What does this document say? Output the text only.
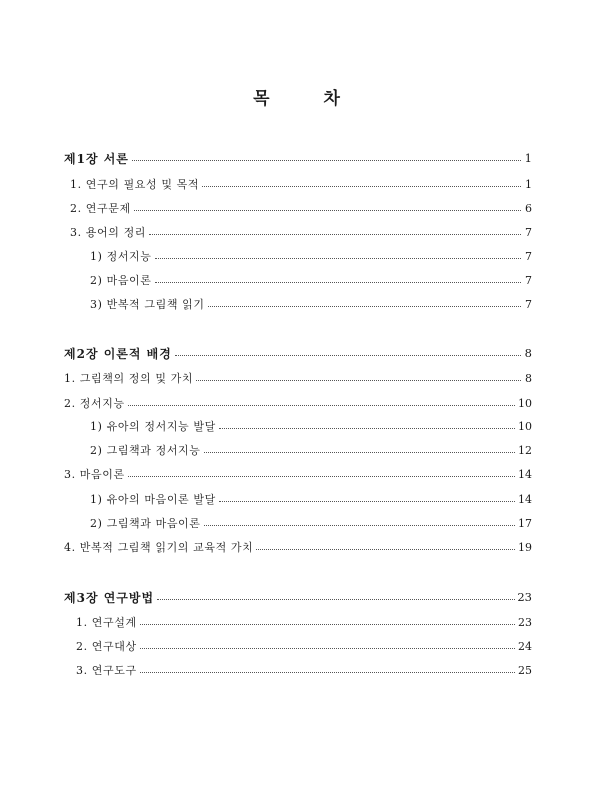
목 차
제1장 서론	1
1. 연구의 필요성 및 목적	1
2. 연구문제	6
3. 용어의 정리	7
1) 정서지능	7
2) 마음이론	7
3) 반복적 그림책 읽기	7
제2장 이론적 배경	8
1. 그림책의 정의 및 가치	8
2. 정서지능	10
1) 유아의 정서지능 발달	10
2) 그림책과 정서지능	12
3. 마음이론	14
1) 유아의 마음이론 발달	14
2) 그림책과 마음이론	17
4. 반복적 그림책 읽기의 교육적 가치	19
제3장 연구방법	23
1. 연구설계	23
2. 연구대상	24
3. 연구도구	25
